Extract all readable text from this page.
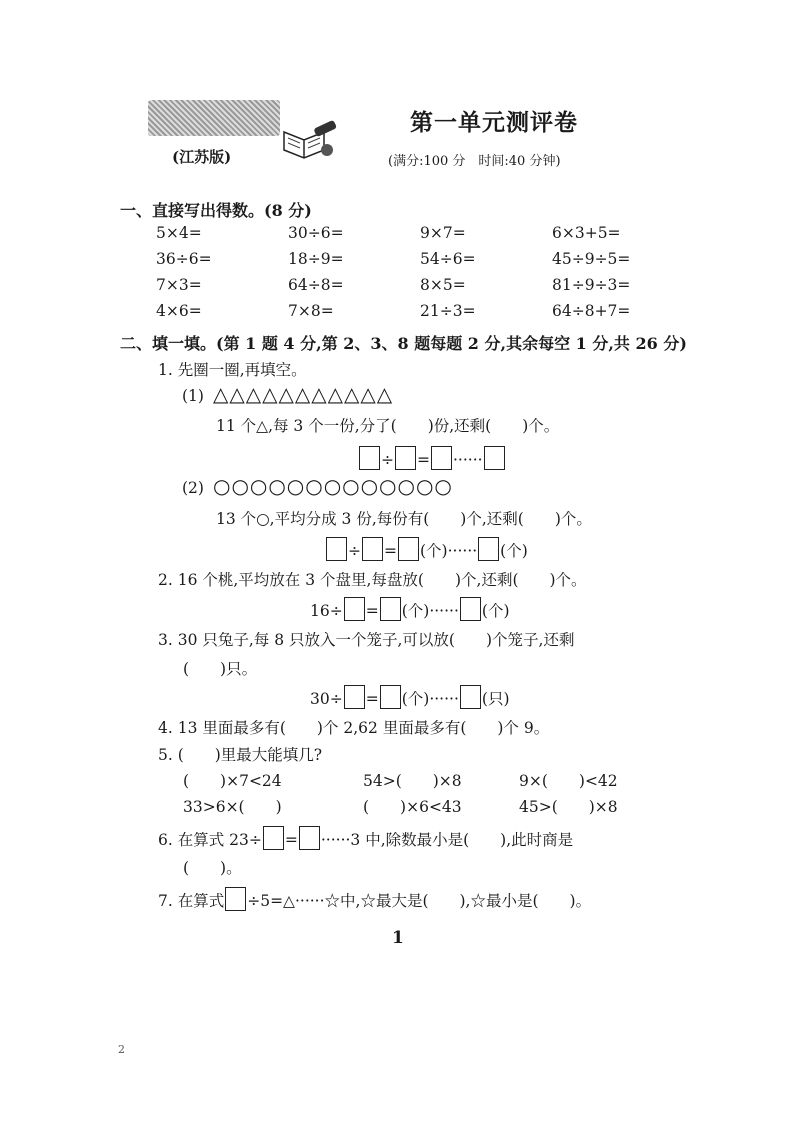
(江苏版)
第一单元测评卷
(满分:100 分　时间:40 分钟)
一、直接写出得数。(8 分)
5×4=	30÷6=	9×7=	6×3+5=
36÷6=	18÷9=	54÷6=	45÷9÷5=
7×3=	64÷8=	8×5=	81÷9÷3=
4×6=	7×8=	21÷3=	64÷8+7=
二、填一填。(第 1 题 4 分,第 2、3、8 题每题 2 分,其余每空 1 分,共 26 分)
1. 先圈一圈,再填空。
(1) △△△△△△△△△△△
11 个△,每 3 个一份,分了(　　)份,还剩(　　)个。
÷ = ······
(2) ○○○○○○○○○○○○○
13 个○,平均分成 3 份,每份有(　　)个,还剩(　　)个。
÷ = (个)······ (个)
2. 16 个桃,平均放在 3 个盘里,每盘放(　　)个,还剩(　　)个。
16÷ = (个)······ (个)
3. 30 只兔子,每 8 只放入一个笼子,可以放(　　)个笼子,还剩
(　　)只。
30÷ = (个)······ (只)
4. 13 里面最多有(　　)个 2,62 里面最多有(　　)个 9。
5. (　　)里最大能填几?
(　　)×7<24	54>(　　)×8	9×(　　)<42
33>6×(　　)	(　　)×6<43	45>(　　)×8
6. 在算式 23÷ = ······3 中,除数最小是(　　),此时商是
(　　)。
7. 在算式 ÷5=△······☆中,☆最大是(　　),☆最小是(　　)。
1
2
